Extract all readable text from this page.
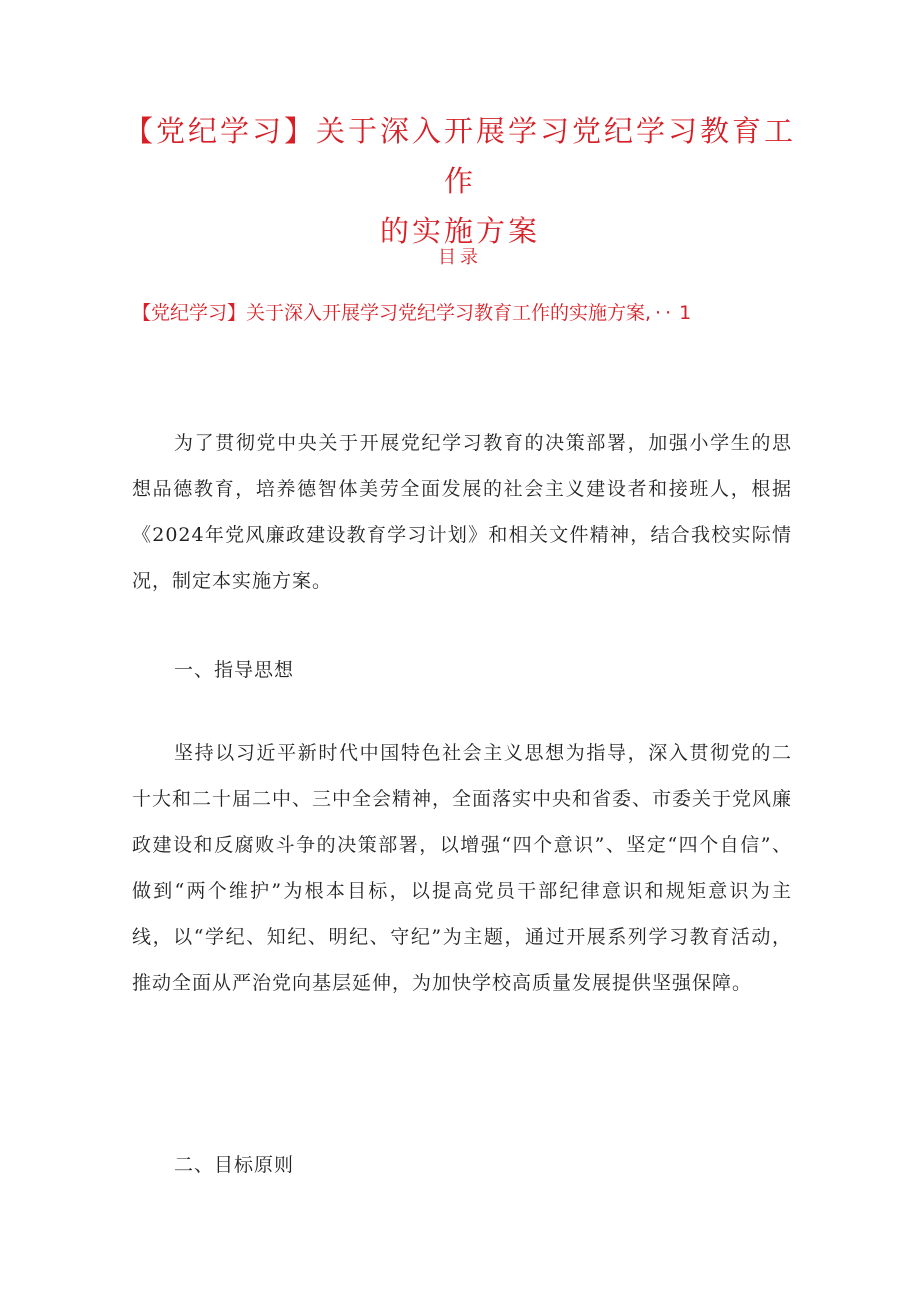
【党纪学习】关于深入开展学习党纪学习教育工作
的实施方案
目录
【党纪学习】关于深入开展学习党纪学习教育工作的实施方案, ·· 1

为了贯彻党中央关于开展党纪学习教育的决策部署，加强小学生的思想品德教育，培养德智体美劳全面发展的社会主义建设者和接班人，根据《2024年党风廉政建设教育学习计划》和相关文件精神，结合我校实际情况，制定本实施方案。

一、指导思想

坚持以习近平新时代中国特色社会主义思想为指导，深入贯彻党的二十大和二十届二中、三中全会精神，全面落实中央和省委、市委关于党风廉政建设和反腐败斗争的决策部署，以增强“四个意识”、坚定“四个自信”、做到“两个维护”为根本目标，以提高党员干部纪律意识和规矩意识为主线，以“学纪、知纪、明纪、守纪”为主题，通过开展系列学习教育活动，推动全面从严治党向基层延伸，为加快学校高质量发展提供坚强保障。

二、目标原则
